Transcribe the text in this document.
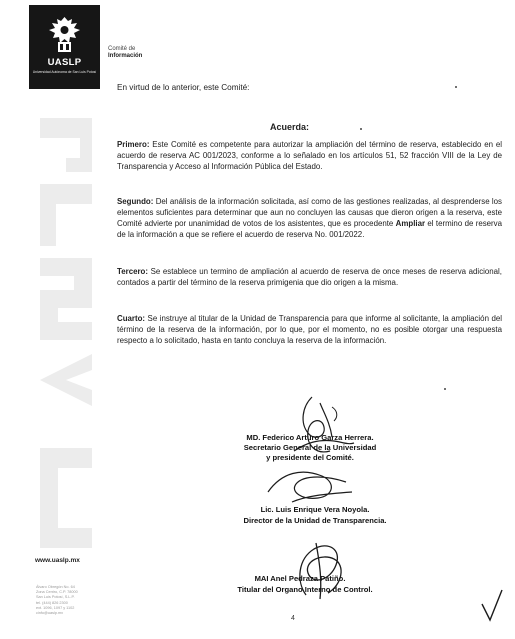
UASLP
Universidad Autónoma de San Luis Potosí
Comité de
Información
En virtud de lo anterior, este Comité:
Acuerda:
Primero: Este Comité es competente para autorizar la ampliación del término de reserva, establecido en el acuerdo de reserva AC 001/2023, conforme a lo señalado en los artículos 51, 52 fracción VIII de la Ley de Transparencia y Acceso al Información Pública del Estado.
Segundo: Del análisis de la información solicitada, así como de las gestiones realizadas, al desprenderse los elementos suficientes para determinar que aun no concluyen las causas que dieron origen a la reserva, este Comité advierte por unanimidad de votos de los asistentes, que es procedente Ampliar el termino de reserva de la información a que se refiere el acuerdo de reserva No. 001/2022.
Tercero: Se establece un termino de ampliación al acuerdo de reserva de once meses de reserva adicional, contados a partir del término de la reserva primigenia que dio origen a la misma.
Cuarto: Se instruye al titular de la Unidad de Transparencia para que informe al solicitante, la ampliación del término de la reserva de la información, por lo que, por el momento, no es posible otorgar una respuesta respecto a lo solicitado, hasta en tanto concluya la reserva de la información.
MD. Federico Arturo Garza Herrera.
Secretario General de la Universidad
y presidente del Comité.
Lic. Luis Enrique Vera Noyola.
Director de la Unidad de Transparencia.
MAI Anel Pedraza Patiño.
Titular del Organo Interno de Control.
www.uaslp.mx
Álvaro Obregón No. 64
Zona Centro, C.P. 78000
San Luis Potosí, S.L.P.
tel. (444) 826 2300
ext. 1096, 1097 y 1102
cinfo@uaslp.mx
4
